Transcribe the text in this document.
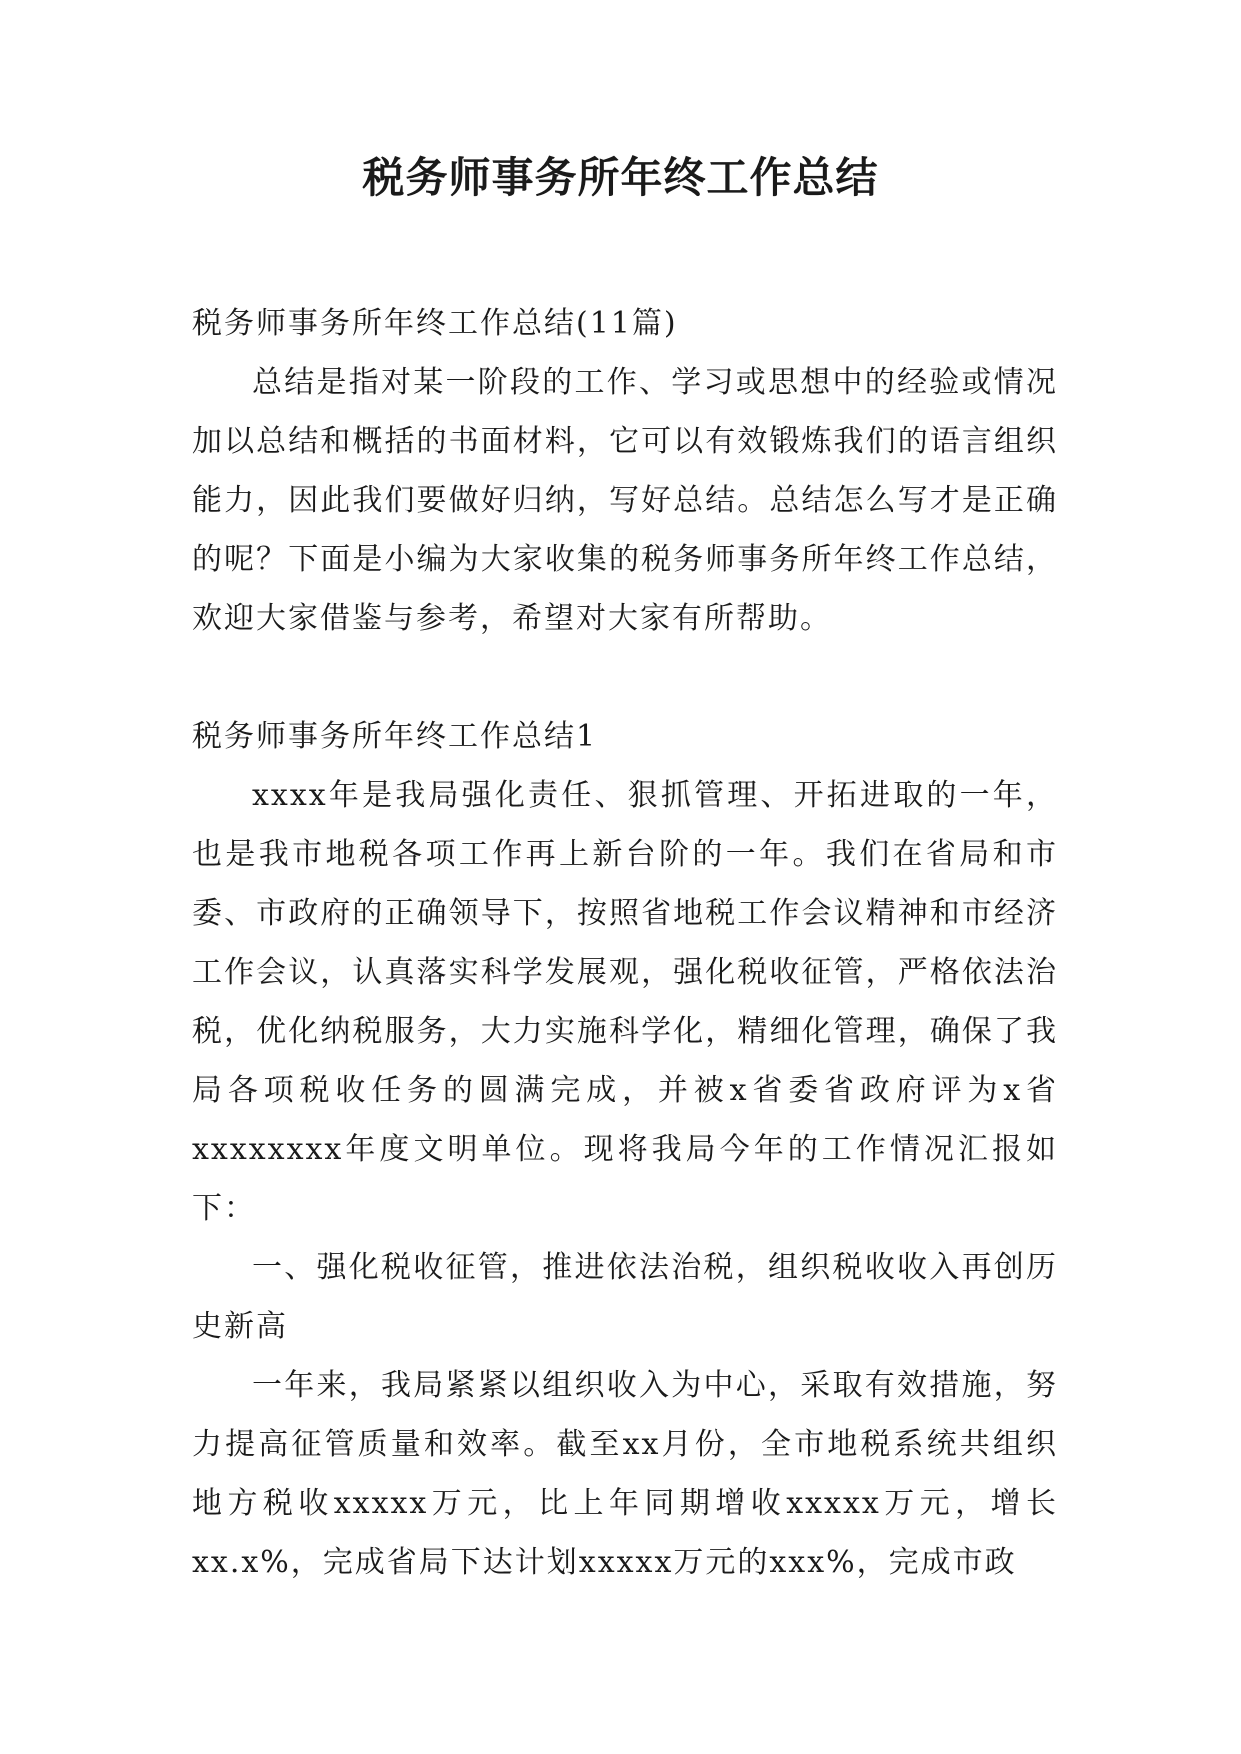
税务师事务所年终工作总结

税务师事务所年终工作总结(11篇)

总结是指对某一阶段的工作、学习或思想中的经验或情况加以总结和概括的书面材料，它可以有效锻炼我们的语言组织能力，因此我们要做好归纳，写好总结。总结怎么写才是正确的呢？下面是小编为大家收集的税务师事务所年终工作总结，欢迎大家借鉴与参考，希望对大家有所帮助。

税务师事务所年终工作总结1

xxxx年是我局强化责任、狠抓管理、开拓进取的一年，也是我市地税各项工作再上新台阶的一年。我们在省局和市委、市政府的正确领导下，按照省地税工作会议精神和市经济工作会议，认真落实科学发展观，强化税收征管，严格依法治税，优化纳税服务，大力实施科学化，精细化管理，确保了我局各项税收任务的圆满完成，并被x省委省政府评为x省xxxxxxxx年度文明单位。现将我局今年的工作情况汇报如下：

一、强化税收征管，推进依法治税，组织税收收入再创历史新高

一年来，我局紧紧以组织收入为中心，采取有效措施，努力提高征管质量和效率。截至xx月份，全市地税系统共组织地方税收xxxxx万元，比上年同期增收xxxxx万元，增长xx.x%，完成省局下达计划xxxxx万元的xxx%，完成市政
